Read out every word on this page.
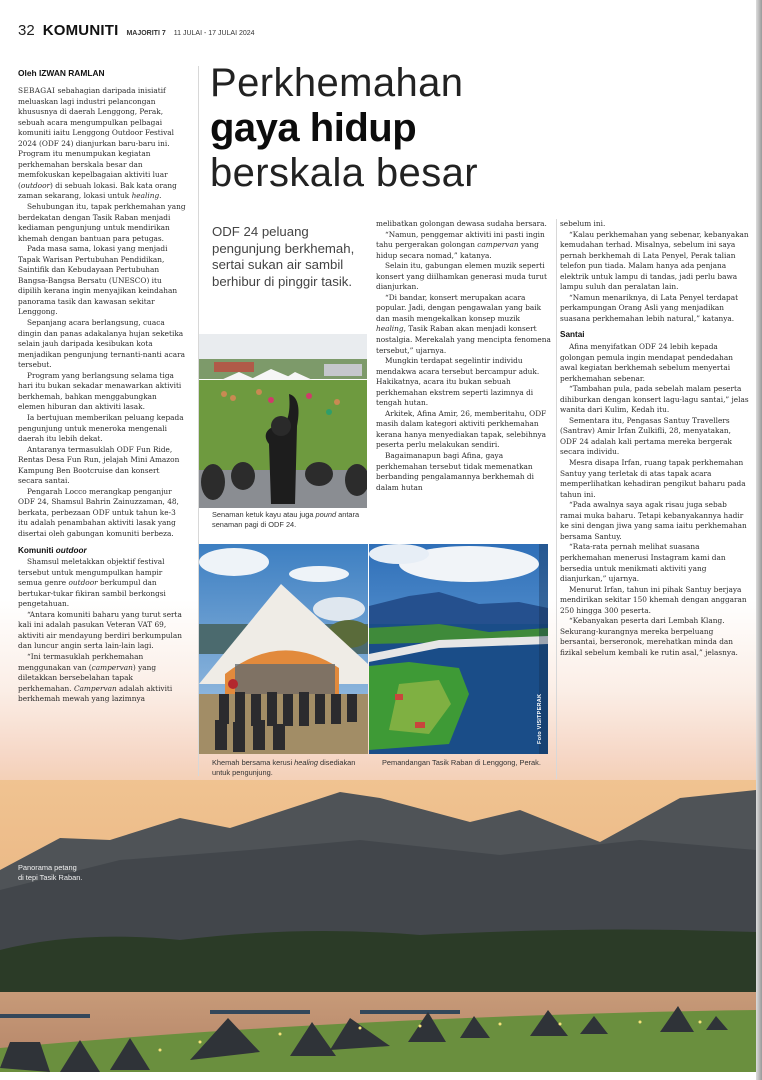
32 KOMUNITI MAJORITI 7 11 JULAI - 17 JULAI 2024
Oleh IZWAN RAMLAN

SEBAGAI sebahagian daripada inisiatif meluaskan lagi industri pelancongan khususnya di daerah Lenggong, Perak, sebuah acara mengumpulkan pelbagai komuniti iaitu Lenggong Outdoor Festival 2024 (ODF 24) dianjurkan baru-baru ini. Program itu menumpukan kegiatan perkhemahan berskala besar dan memfokuskan kepelbagaian aktiviti luar (outdoor) di sebuah lokasi. Bak kata orang zaman sekarang, lokasi untuk healing.

Sehubungan itu, tapak perkhemahan yang berdekatan dengan Tasik Raban menjadi kediaman pengunjung untuk mendirikan khemah dengan bantuan para petugas.

Pada masa sama, lokasi yang menjadi Tapak Warisan Pertubuhan Pendidikan, Saintifik dan Kebudayaan Pertubuhan Bangsa-Bangsa Bersatu (UNESCO) itu dipilih kerana ingin menyajikan keindahan panorama tasik dan kawasan sekitar Lenggong.

Sepanjang acara berlangsung, cuaca dingin dan panas adakalanya hujan seketika selain jauh daripada kesibukan kota menjadikan pengunjung ternanti-nanti acara tersebut.

Program yang berlangsung selama tiga hari itu bukan sekadar menawarkan aktiviti berkhemah, bahkan menggabungkan elemen hiburan dan aktiviti lasak.

Ia bertujuan memberikan peluang kepada pengunjung untuk meneroka mengenali daerah itu lebih dekat.

Antaranya termasuklah ODF Fun Ride, Rentas Desa Fun Run, jelajah Mini Amazon Kampung Ben Bootcruise dan konsert secara santai.

Pengarah Locco merangkap penganjur ODF 24, Shamsul Bahrin Zainuzzaman, 48, berkata, perbezaan ODF untuk tahun ke-3 itu adalah penambahan aktiviti lasak yang disertai oleh gabungan komuniti berbeza.

Komuniti outdoor

Shamsul meletakkan objektif festival tersebut untuk mengumpulkan hampir semua genre outdoor berkumpul dan bertukar-tukar fikiran sambil berkongsi pengetahuan.

“Antara komuniti baharu yang turut serta kali ini adalah pasukan Veteran VAT 69, aktiviti air mendayung berdiri berkumpulan dan luncur angin serta lain-lain lagi.

“Ini termasuklah perkhemahan menggunakan van (campervan) yang diletakkan bersebelahan tapak perkhemahan. Campervan adalah aktiviti berkhemah mewah yang lazimnya

Perkhemahan
gaya hidup
berskala besar
ODF 24 peluang pengunjung berkhemah, sertai sukan air sambil berhibur di pinggir tasik.

melibatkan golongan dewasa sudaha bersara.

“Namun, penggemar aktiviti ini pasti ingin tahu pergerakan golongan campervan yang hidup secara nomad,” katanya.

Selain itu, gabungan elemen muzik seperti konsert yang diilhamkan generasi muda turut dianjurkan.

“Di bandar, konsert merupakan acara popular. Jadi, dengan pengawalan yang baik dan masih mengekalkan konsep muzik healing, Tasik Raban akan menjadi konsert nostalgia. Merekalah yang mencipta fenomena tersebut,” ujarnya.

Mungkin terdapat segelintir individu mendakwa acara tersebut bercampur aduk. Hakikatnya, acara itu bukan sebuah perkhemahan ekstrem seperti lazimnya di tengah hutan.

Arkitek, Afina Amir, 26, memberitahu, ODF masih dalam kategori aktiviti perkhemahan kerana hanya menyediakan tapak, selebihnya peserta perlu melakukan sendiri.

Bagaimanapun bagi Afina, gaya perkhemahan tersebut tidak memenatkan berbanding pengalamannya berkhemah di dalam hutan

sebelum ini.

“Kalau perkhemahan yang sebenar, kebanyakan kemudahan terhad. Misalnya, sebelum ini saya pernah berkhemah di Lata Penyel, Perak talian telefon pun tiada. Malam hanya ada penjana elektrik untuk lampu di tandas, jadi perlu bawa lampu suluh dan peralatan lain.

“Namun menariknya, di Lata Penyel terdapat perkampungan Orang Asli yang menjadikan suasana perkhemahan lebih natural,” katanya.

Santai

Afina menyifatkan ODF 24 lebih kepada golongan pemula ingin mendapat pendedahan awal kegiatan berkhemah sebelum menyertai perkhemahan sebenar.

“Tambahan pula, pada sebelah malam peserta dihiburkan dengan konsert lagu-lagu santai,” jelas wanita dari Kulim, Kedah itu.

Sementara itu, Pengasas Santuy Travellers (Santrav) Amir Irfan Zulkifli, 28, menyatakan, ODF 24 adalah kali pertama mereka bergerak secara individu.

Mesra disapa Irfan, ruang tapak perkhemahan Santuy yang terletak di atas tapak acara memperlihatkan kehadiran pengikut baharu pada tahun ini.

“Pada awalnya saya agak risau juga sebab ramai muka baharu. Tetapi kebanyakannya hadir ke sini dengan jiwa yang sama iaitu perkhemahan bersama Santuy.

“Rata-rata pernah melihat suasana perkhemahan menerusi Instagram kami dan bersedia untuk menikmati aktiviti yang dianjurkan,” ujarnya.

Menurut Irfan, tahun ini pihak Santuy berjaya mendirikan sekitar 150 khemah dengan anggaran 250 hingga 300 peserta.

“Kebanyakan peserta dari Lembah Klang. Sekurang-kurangnya mereka berpeluang bersantai, berseronok, merehatkan minda dan fizikal sebelum kembali ke rutin asal,” jelasnya.

Senaman ketuk kayu atau juga pound antara senaman pagi di ODF 24.
Khemah bersama kerusi healing disediakan untuk pengunjung.
Foto VISITPERAK
Pemandangan Tasik Raban di Lenggong, Perak.
Panorama petang
di tepi Tasik Raban.
